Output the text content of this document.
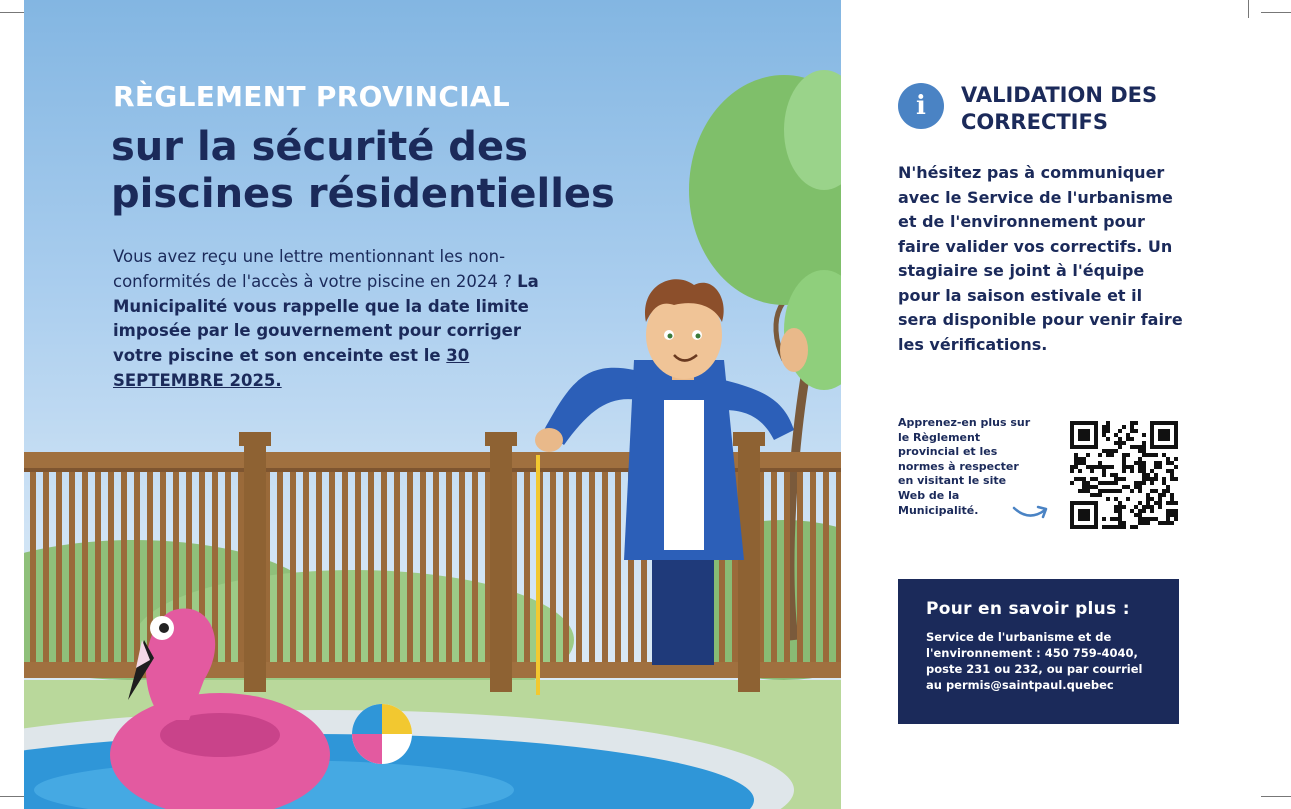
RÈGLEMENT PROVINCIAL
sur la sécurité des piscines résidentielles

Vous avez reçu une lettre mentionnant les non-conformités de l'accès à votre piscine en 2024 ? La Municipalité vous rappelle que la date limite imposée par le gouvernement pour corriger votre piscine et son enceinte est le 30 SEPTEMBRE 2025.

i	VALIDATION DES CORRECTIFS

N'hésitez pas à communiquer avec le Service de l'urbanisme et de l'environnement pour faire valider vos correctifs. Un stagiaire se joint à l'équipe pour la saison estivale et il sera disponible pour venir faire les vérifications.

Apprenez-en plus sur le Règlement provincial et les normes à respecter en visitant le site Web de la Municipalité.

Pour en savoir plus :

Service de l'urbanisme et de l'environnement : 450 759-4040, poste 231 ou 232, ou par courriel au permis@saintpaul.quebec
